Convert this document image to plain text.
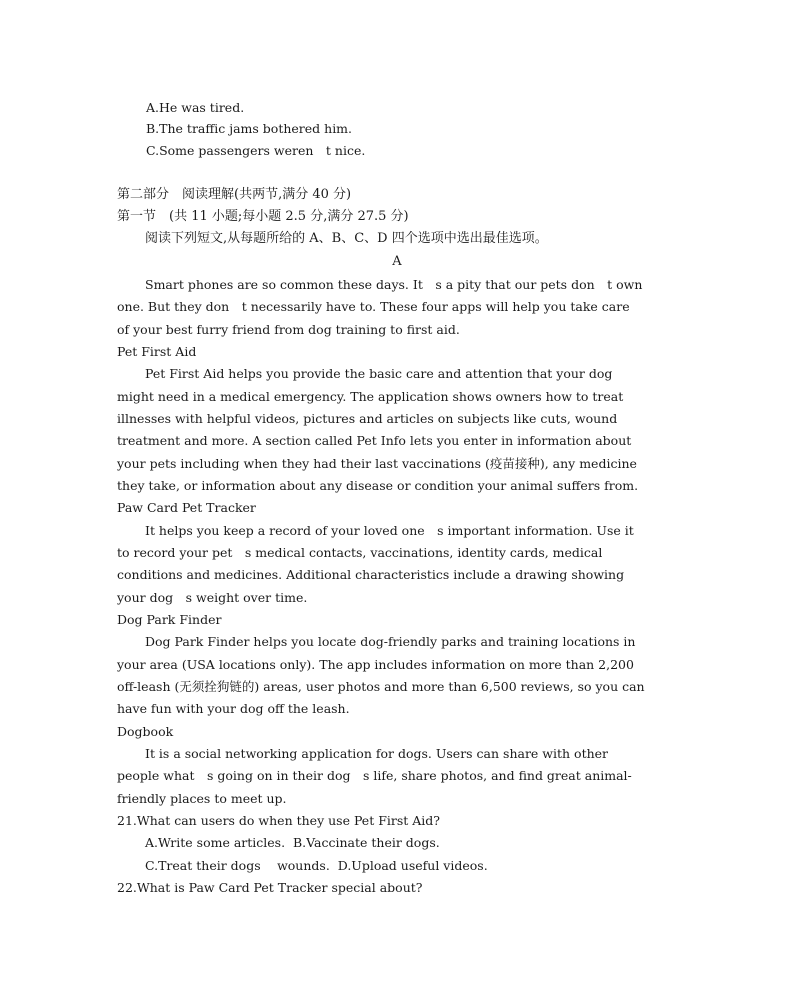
A.He was tired.
B.The traffic jams bothered him.
C.Some passengers weren　t nice.
第二部分　阅读理解(共两节,满分 40 分)
第一节　(共 11 小题;每小题 2.5 分,满分 27.5 分)
阅读下列短文,从每题所给的 A、B、C、D 四个选项中选出最佳选项。
A
Smart phones are so common these days. It　s a pity that our pets don　t own
one. But they don　t necessarily have to. These four apps will help you take care
of your best furry friend from dog training to first aid.
Pet First Aid
Pet First Aid helps you provide the basic care and attention that your dog
might need in a medical emergency. The application shows owners how to treat
illnesses with helpful videos, pictures and articles on subjects like cuts, wound
treatment and more. A section called Pet Info lets you enter in information about
your pets including when they had their last vaccinations (疫苗接种), any medicine
they take, or information about any disease or condition your animal suffers from.
Paw Card Pet Tracker
It helps you keep a record of your loved one　s important information. Use it
to record your pet　s medical contacts, vaccinations, identity cards, medical
conditions and medicines. Additional characteristics include a drawing showing
your dog　s weight over time.
Dog Park Finder
Dog Park Finder helps you locate dog-friendly parks and training locations in
your area (USA locations only). The app includes information on more than 2,200
off-leash (无须拴狗链的) areas, user photos and more than 6,500 reviews, so you can
have fun with your dog off the leash.
Dogbook
It is a social networking application for dogs. Users can share with other
people what　s going on in their dog　s life, share photos, and find great animal-
friendly places to meet up.
21.What can users do when they use Pet First Aid?
A.Write some articles.  B.Vaccinate their dogs.
C.Treat their dogs　 wounds.  D.Upload useful videos.
22.What is Paw Card Pet Tracker special about?
